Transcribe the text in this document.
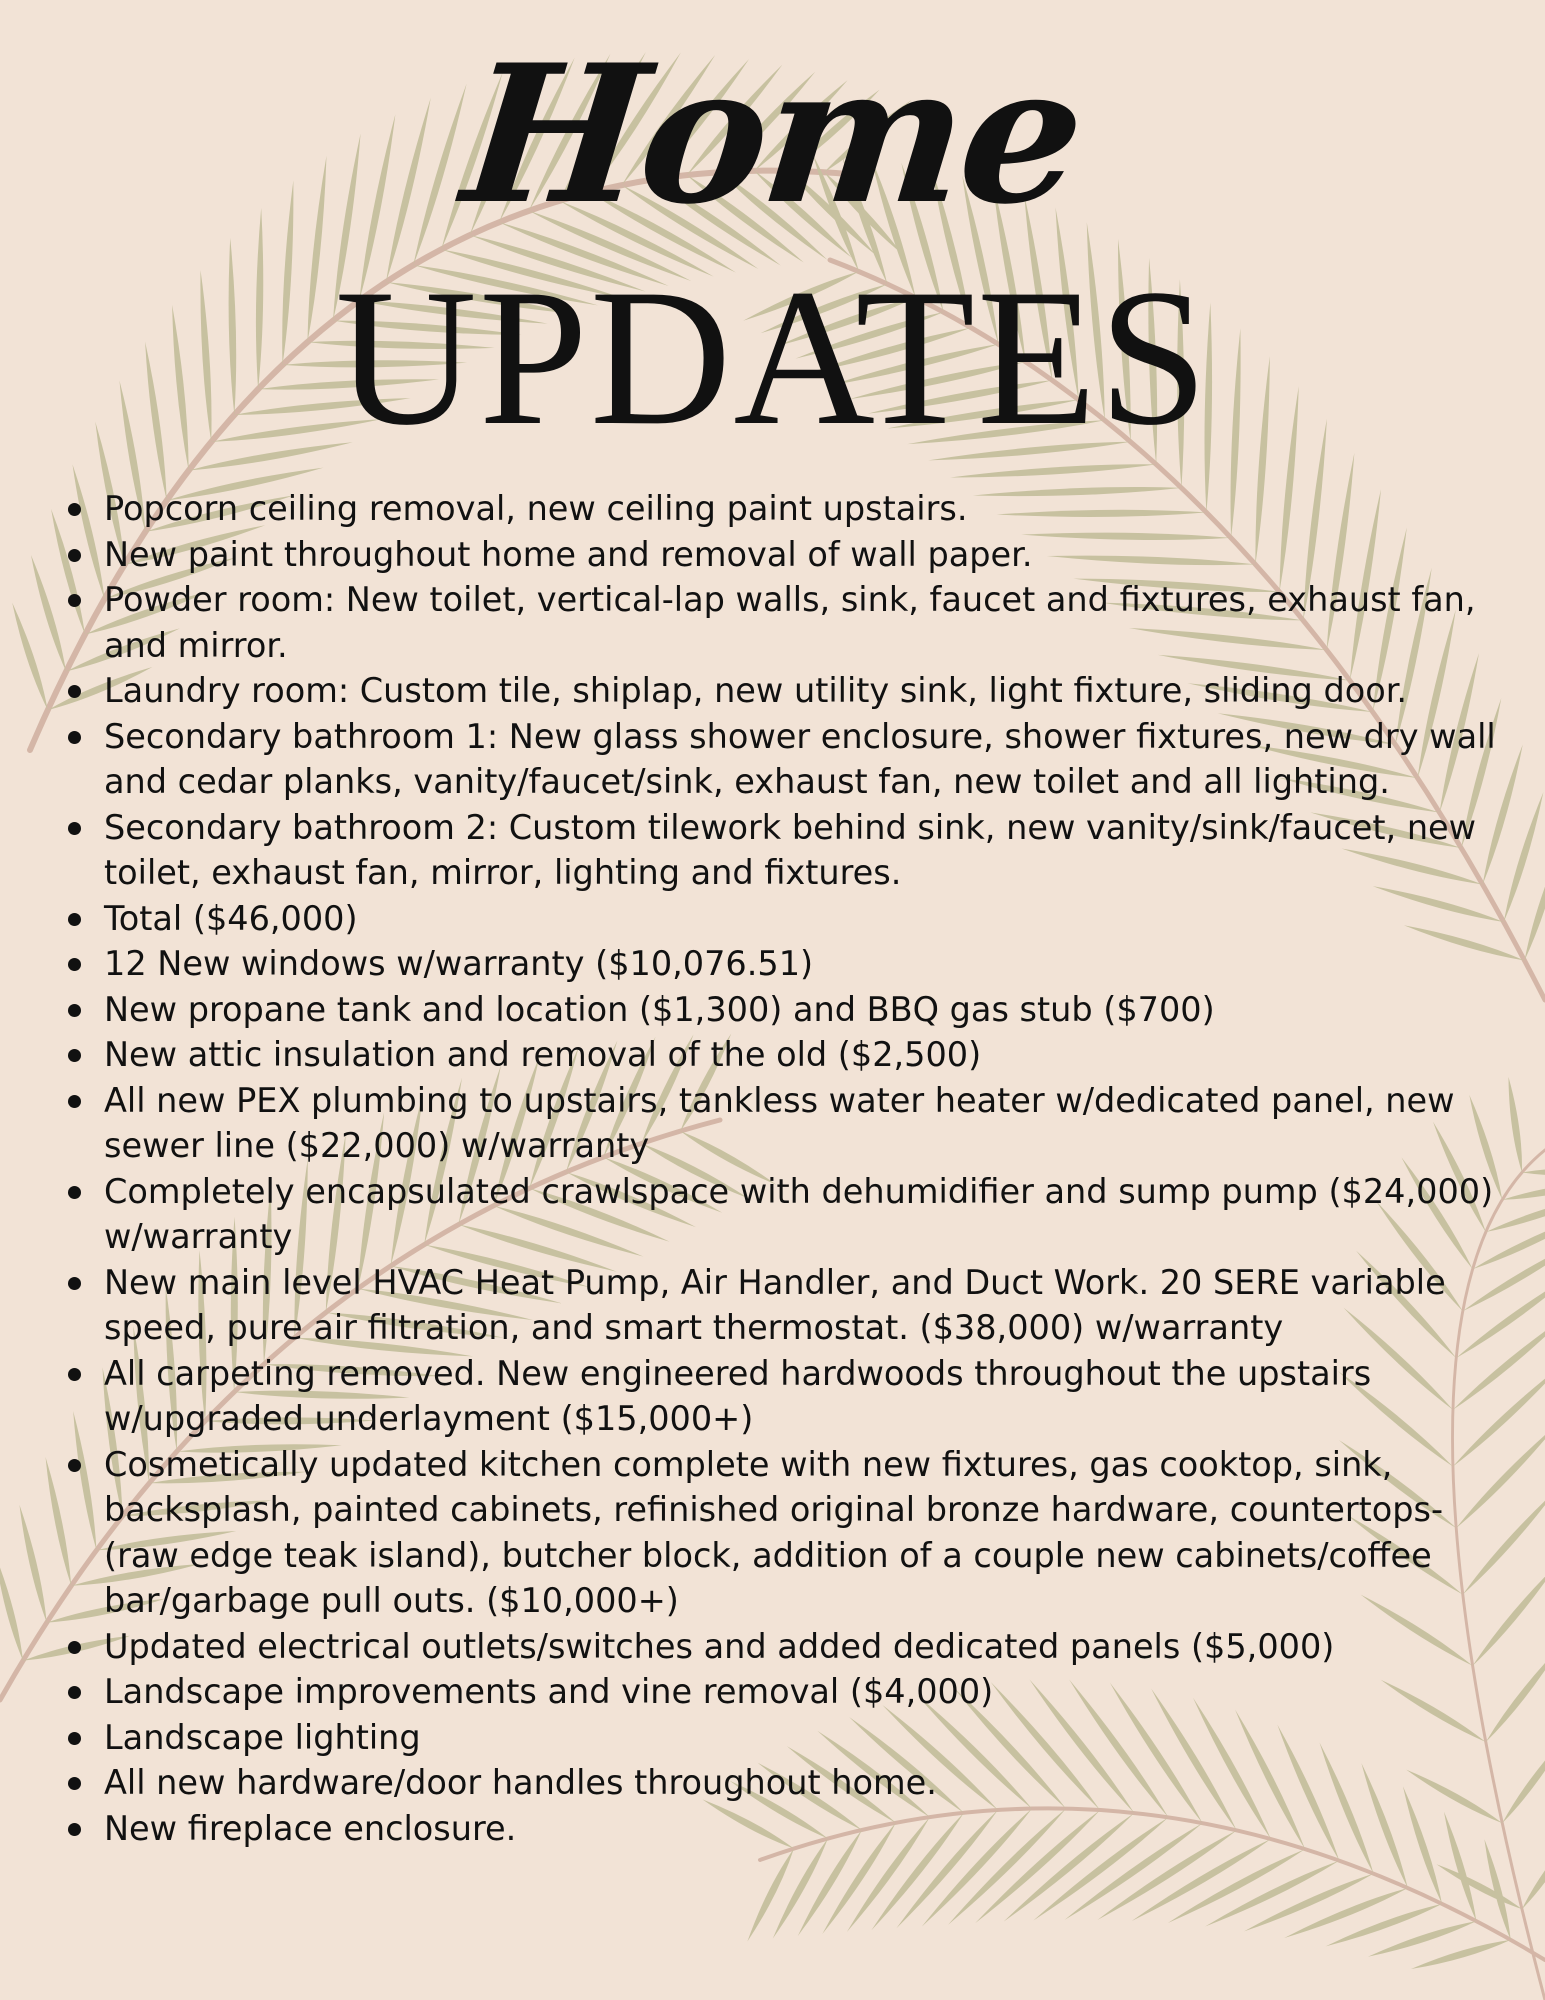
Home
UPDATES
Popcorn ceiling removal, new ceiling paint upstairs.
New paint throughout home and removal of wall paper.
Powder room: New toilet, vertical-lap walls, sink, faucet and fixtures, exhaust fan, and mirror.
Laundry room: Custom tile, shiplap, new utility sink, light fixture, sliding door.
Secondary bathroom 1: New glass shower enclosure, shower fixtures, new dry wall and cedar planks, vanity/faucet/sink, exhaust fan, new toilet and all lighting.
Secondary bathroom 2: Custom tilework behind sink, new vanity/sink/faucet, new toilet, exhaust fan, mirror, lighting and fixtures.
Total ($46,000)
12 New windows w/warranty ($10,076.51)
New propane tank and location ($1,300) and BBQ gas stub ($700)
New attic insulation and removal of the old ($2,500)
All new PEX plumbing to upstairs, tankless water heater w/dedicated panel, new sewer line ($22,000) w/warranty
Completely encapsulated crawlspace with dehumidifier and sump pump ($24,000) w/warranty
New main level HVAC Heat Pump, Air Handler, and Duct Work. 20 SERE variable speed, pure air filtration, and smart thermostat. ($38,000) w/warranty
All carpeting removed. New engineered hardwoods throughout the upstairs w/upgraded underlayment ($15,000+)
Cosmetically updated kitchen complete with new fixtures, gas cooktop, sink, backsplash, painted cabinets, refinished original bronze hardware, countertops-(raw edge teak island), butcher block, addition of a couple new cabinets/coffee bar/garbage pull outs. ($10,000+)
Updated electrical outlets/switches and added dedicated panels ($5,000)
Landscape improvements and vine removal ($4,000)
Landscape lighting
All new hardware/door handles throughout home.
New fireplace enclosure.
